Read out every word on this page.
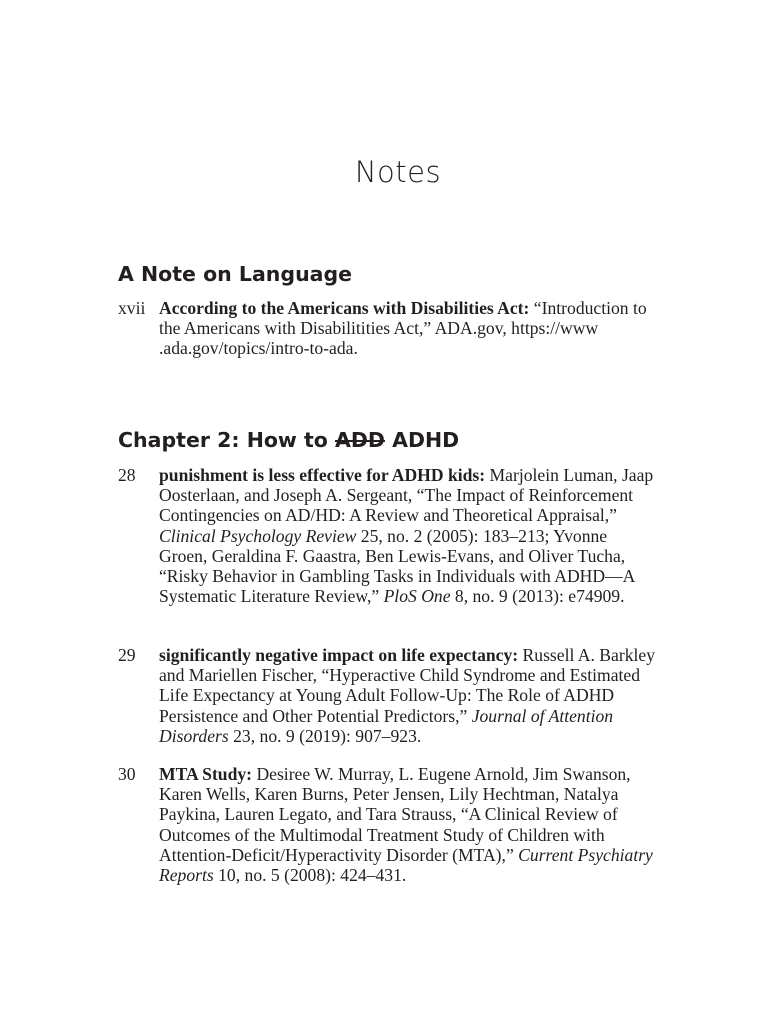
Notes
A Note on Language
xvii According to the Americans with Disabilities Act: “Introduction to the Americans with Disabilitities Act,” ADA.gov, https://www .ada.gov/topics/intro-to-ada.
Chapter 2: How to ADD ADHD
28	punishment is less effective for ADHD kids: Marjolein Luman, Jaap Oosterlaan, and Joseph A. Sergeant, “The Impact of Reinforcement Contingencies on AD/HD: A Review and Theoretical Appraisal,” Clinical Psychology Review 25, no. 2 (2005): 183–213; Yvonne Groen, Geraldina F. Gaastra, Ben Lewis-Evans, and Oliver Tucha, “Risky Behavior in Gambling Tasks in Individuals with ADHD—A Systematic Literature Review,” PloS One 8, no. 9 (2013): e74909.
29	significantly negative impact on life expectancy: Russell A. Barkley and Mariellen Fischer, “Hyperactive Child Syndrome and Estimated Life Expectancy at Young Adult Follow-Up: The Role of ADHD Persistence and Other Potential Predictors,” Journal of Attention Disorders 23, no. 9 (2019): 907–923.
30	MTA Study: Desiree W. Murray, L. Eugene Arnold, Jim Swanson, Karen Wells, Karen Burns, Peter Jensen, Lily Hechtman, Natalya Paykina, Lauren Legato, and Tara Strauss, “A Clinical Review of Outcomes of the Multimodal Treatment Study of Children with Attention-Deficit/Hyperactivity Disorder (MTA),” Current Psychiatry Reports 10, no. 5 (2008): 424–431.
